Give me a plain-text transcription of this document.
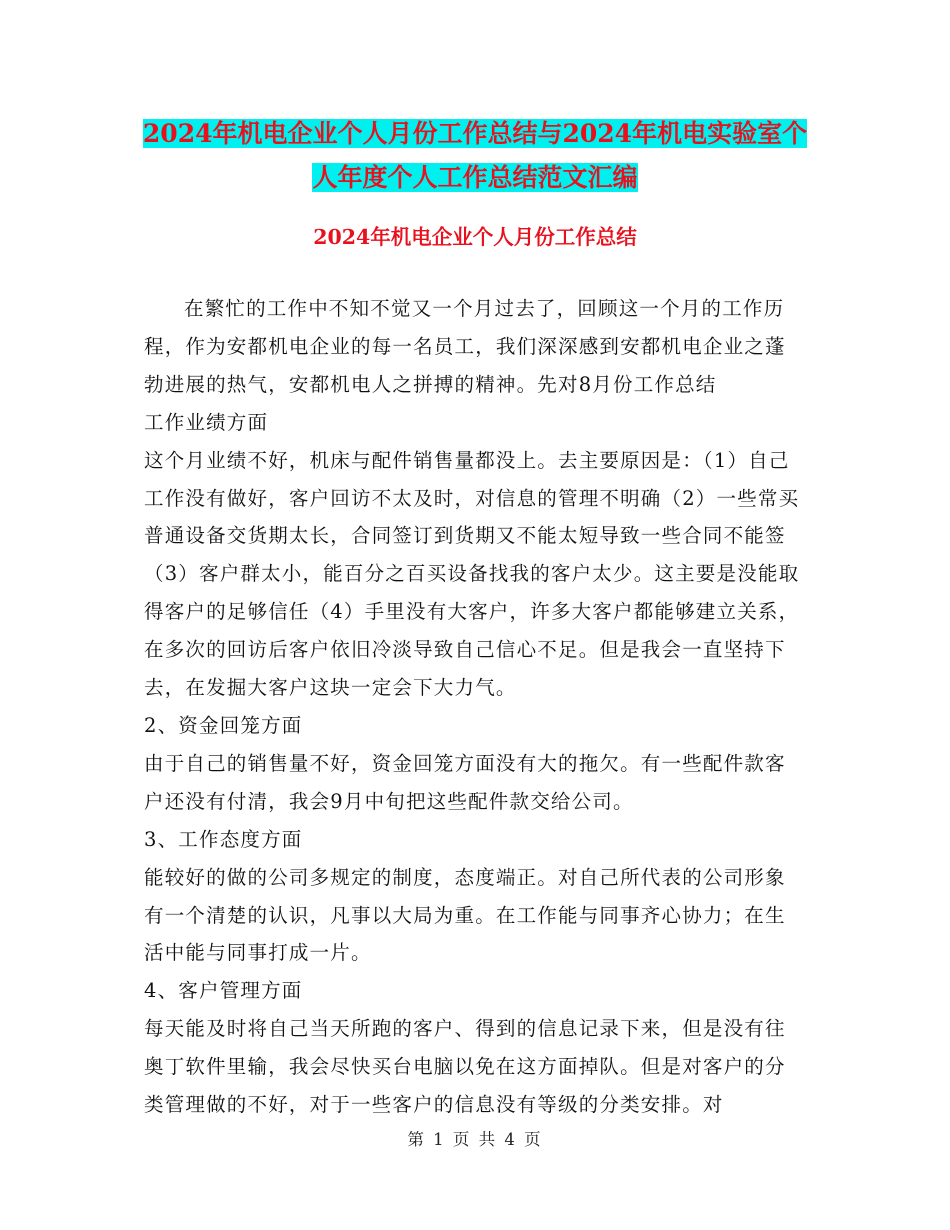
2024年机电企业个人月份工作总结与2024年机电实验室个人年度个人工作总结范文汇编
2024年机电企业个人月份工作总结

在繁忙的工作中不知不觉又一个月过去了，回顾这一个月的工作历程，作为安都机电企业的每一名员工，我们深深感到安都机电企业之蓬勃进展的热气，安都机电人之拼搏的精神。先对8月份工作总结

工作业绩方面

这个月业绩不好，机床与配件销售量都没上。去主要原因是：（1）自己工作没有做好，客户回访不太及时，对信息的管理不明确（2）一些常买普通设备交货期太长，合同签订到货期又不能太短导致一些合同不能签（3）客户群太小，能百分之百买设备找我的客户太少。这主要是没能取得客户的足够信任（4）手里没有大客户，许多大客户都能够建立关系，在多次的回访后客户依旧冷淡导致自己信心不足。但是我会一直坚持下去，在发掘大客户这块一定会下大力气。

2、资金回笼方面

由于自己的销售量不好，资金回笼方面没有大的拖欠。有一些配件款客户还没有付清，我会9月中旬把这些配件款交给公司。

3、工作态度方面

能较好的做的公司多规定的制度，态度端正。对自己所代表的公司形象有一个清楚的认识，凡事以大局为重。在工作能与同事齐心协力；在生活中能与同事打成一片。

4、客户管理方面

每天能及时将自己当天所跑的客户、得到的信息记录下来，但是没有往奥丁软件里输，我会尽快买台电脑以免在这方面掉队。但是对客户的分类管理做的不好，对于一些客户的信息没有等级的分类安排。对

第 1 页 共 4 页
